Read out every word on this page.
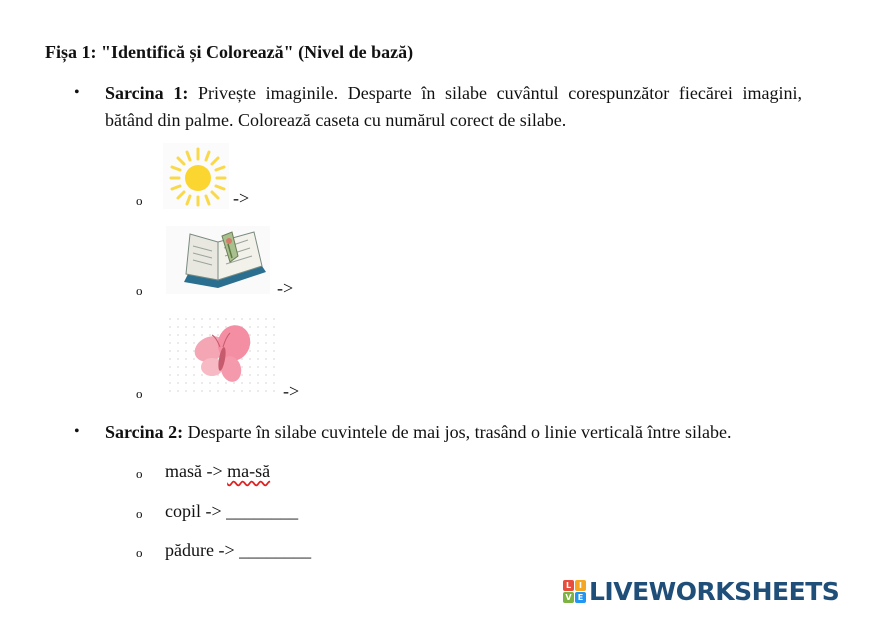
Fișa 1: "Identifică și Colorează" (Nivel de bază)
• Sarcina 1: Privește imaginile. Desparte în silabe cuvântul corespunzător fiecărei imagini, bătând din palme. Colorează caseta cu numărul corect de silabe.
o	->
o	->
o	->
• Sarcina 2: Desparte în silabe cuvintele de mai jos, trasând o linie verticală între silabe.
o masă -> ma-să
o copil -> ________
o pădure -> ________
L I
V E LIVEWORKSHEETS
